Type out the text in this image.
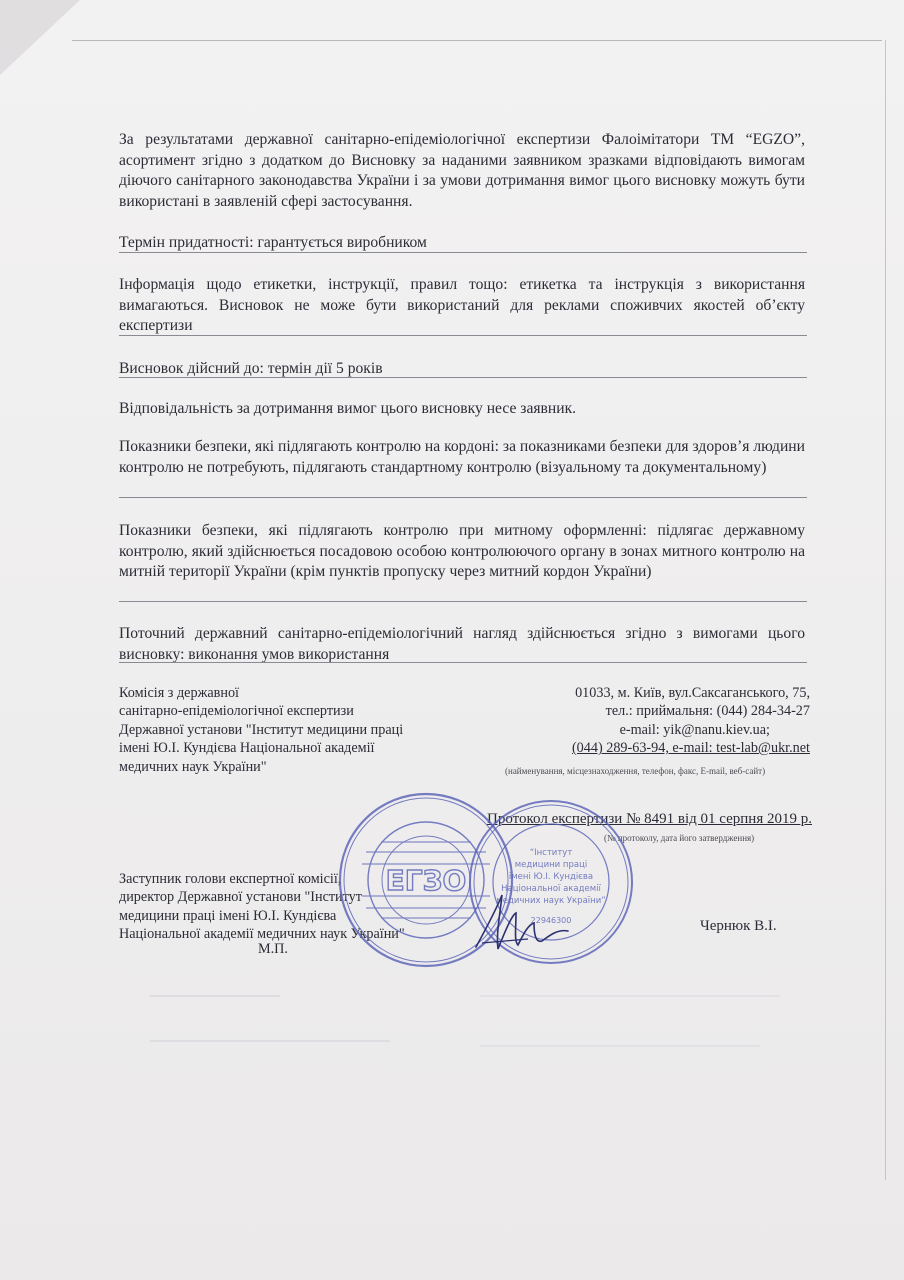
За результатами державної санітарно-епідеміологічної експертизи Фалоімітатори ТМ “EGZO”, асортимент згідно з додатком до Висновку за наданими заявником зразками відповідають вимогам діючого санітарного законодавства України і за умови дотримання вимог цього висновку можуть бути використані в заявленій сфері застосування.
Термін придатності: гарантується виробником
Інформація щодо етикетки, інструкції, правил тощо: етикетка та інструкція з використання вимагаються. Висновок не може бути використаний для реклами споживчих якостей об’єкту експертизи
Висновок дійсний до: термін дії 5 років
Відповідальність за дотримання вимог цього висновку несе заявник.
Показники безпеки, які підлягають контролю на кордоні: за показниками безпеки для здоров’я людини контролю не потребують, підлягають стандартному контролю (візуальному та документальному)
Показники безпеки, які підлягають контролю при митному оформленні: підлягає державному контролю, який здійснюється посадовою особою контролюючого органу в зонах митного контролю на митній території України (крім пунктів пропуску через митний кордон України)
Поточний державний санітарно-епідеміологічний нагляд здійснюється згідно з вимогами цього висновку: виконання умов використання
Комісія з державної
санітарно-епідеміологічної експертизи
Державної установи "Інститут медицини праці
імені Ю.І. Кундієва Національної академії
медичних наук України"
01033, м. Київ, вул.Саксаганського, 75,
тел.: приймальня: (044) 284-34-27
e-mail: yik@nanu.kiev.ua;
(044) 289-63-94, e-mail: test-lab@ukr.net
(найменування, місцезнаходження, телефон, факс, E-mail, веб-сайт)
Протокол експертизи № 8491 від 01 серпня 2019 р.
(№ протоколу, дата його затвердження)
Заступник голови експертної комісії,
директор Державної установи "Інститут
медицини праці імені Ю.І. Кундієва
Національної академії медичних наук України"
М.П.
Чернюк В.І.
ЕГЗО
“Інститут
медицини праці
імені Ю.І. Кундієва
Національної академії
медичних наук України”
22946300
